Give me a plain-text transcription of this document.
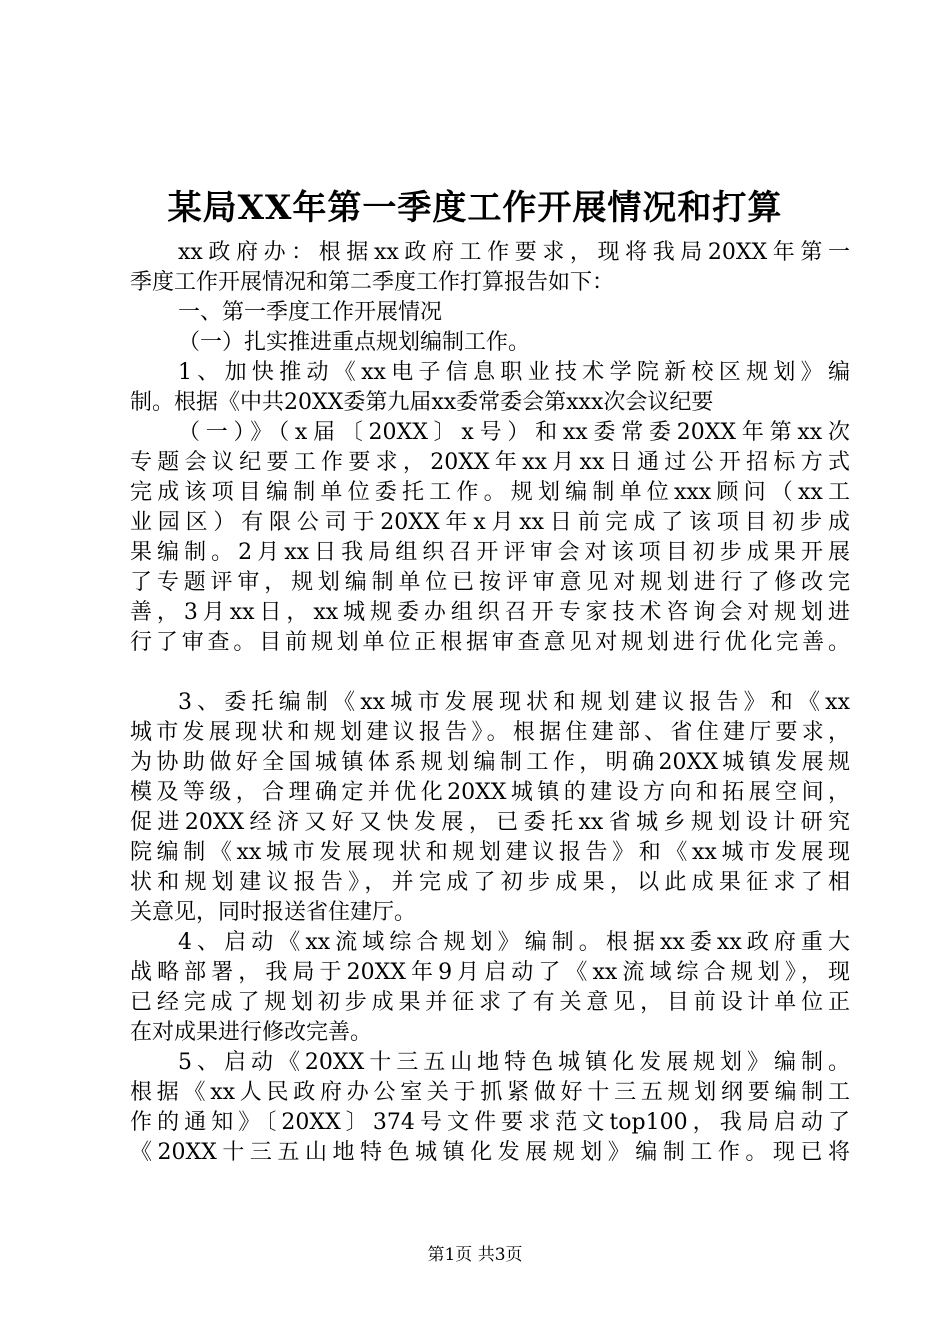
某局XX年第一季度工作开展情况和打算
xx政府办：根据xx政府工作要求，现将我局20XX年第一
季度工作开展情况和第二季度工作打算报告如下：
一、第一季度工作开展情况
（一）扎实推进重点规划编制工作。
1、加快推动《xx电子信息职业技术学院新校区规划》编
制。根据《中共20XX委第九届xx委常委会第xxx次会议纪要
（一）》（x届〔20XX〕x号）和xx委常委20XX年第xx次
专题会议纪要工作要求，20XX年xx月xx日通过公开招标方式
完成该项目编制单位委托工作。规划编制单位xxx顾问（xx工
业园区）有限公司于20XX年x月xx日前完成了该项目初步成
果编制。2月xx日我局组织召开评审会对该项目初步成果开展
了专题评审，规划编制单位已按评审意见对规划进行了修改完
善，3月xx日，xx城规委办组织召开专家技术咨询会对规划进
行了审查。目前规划单位正根据审查意见对规划进行优化完善。
3、委托编制《xx城市发展现状和规划建议报告》和《xx
城市发展现状和规划建议报告》。根据住建部、省住建厅要求，
为协助做好全国城镇体系规划编制工作，明确20XX城镇发展规
模及等级，合理确定并优化20XX城镇的建设方向和拓展空间，
促进20XX经济又好又快发展，已委托xx省城乡规划设计研究
院编制《xx城市发展现状和规划建议报告》和《xx城市发展现
状和规划建议报告》，并完成了初步成果，以此成果征求了相
关意见，同时报送省住建厅。
4、启动《xx流域综合规划》编制。根据xx委xx政府重大
战略部署，我局于20XX年9月启动了《xx流域综合规划》，现
已经完成了规划初步成果并征求了有关意见，目前设计单位正
在对成果进行修改完善。
5、启动《20XX十三五山地特色城镇化发展规划》编制。
根据《xx人民政府办公室关于抓紧做好十三五规划纲要编制工
作的通知》〔20XX〕374号文件要求范文top100，我局启动了
《20XX十三五山地特色城镇化发展规划》编制工作。现已将
第1页 共3页
